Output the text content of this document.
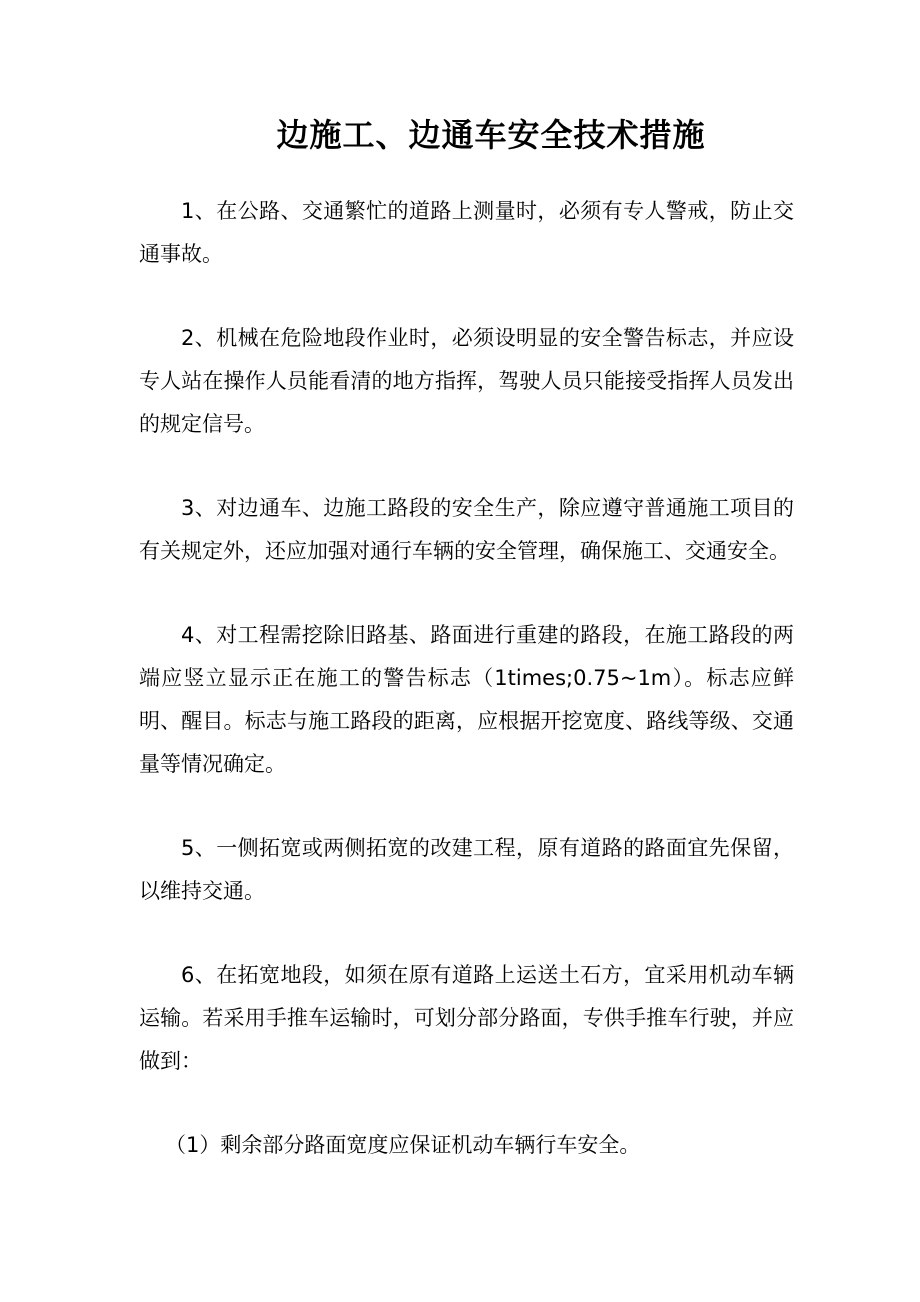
边施工、边通车安全技术措施

1、在公路、交通繁忙的道路上测量时，必须有专人警戒，防止交通事故。

2、机械在危险地段作业时，必须设明显的安全警告标志，并应设专人站在操作人员能看清的地方指挥，驾驶人员只能接受指挥人员发出的规定信号。

3、对边通车、边施工路段的安全生产，除应遵守普通施工项目的有关规定外，还应加强对通行车辆的安全管理，确保施工、交通安全。

4、对工程需挖除旧路基、路面进行重建的路段，在施工路段的两端应竖立显示正在施工的警告标志（1times;0.75~1m）。标志应鲜明、醒目。标志与施工路段的距离，应根据开挖宽度、路线等级、交通量等情况确定。

5、一侧拓宽或两侧拓宽的改建工程，原有道路的路面宜先保留，以维持交通。

6、在拓宽地段，如须在原有道路上运送土石方，宜采用机动车辆运输。若采用手推车运输时，可划分部分路面，专供手推车行驶，并应做到：

（1）剩余部分路面宽度应保证机动车辆行车安全。
